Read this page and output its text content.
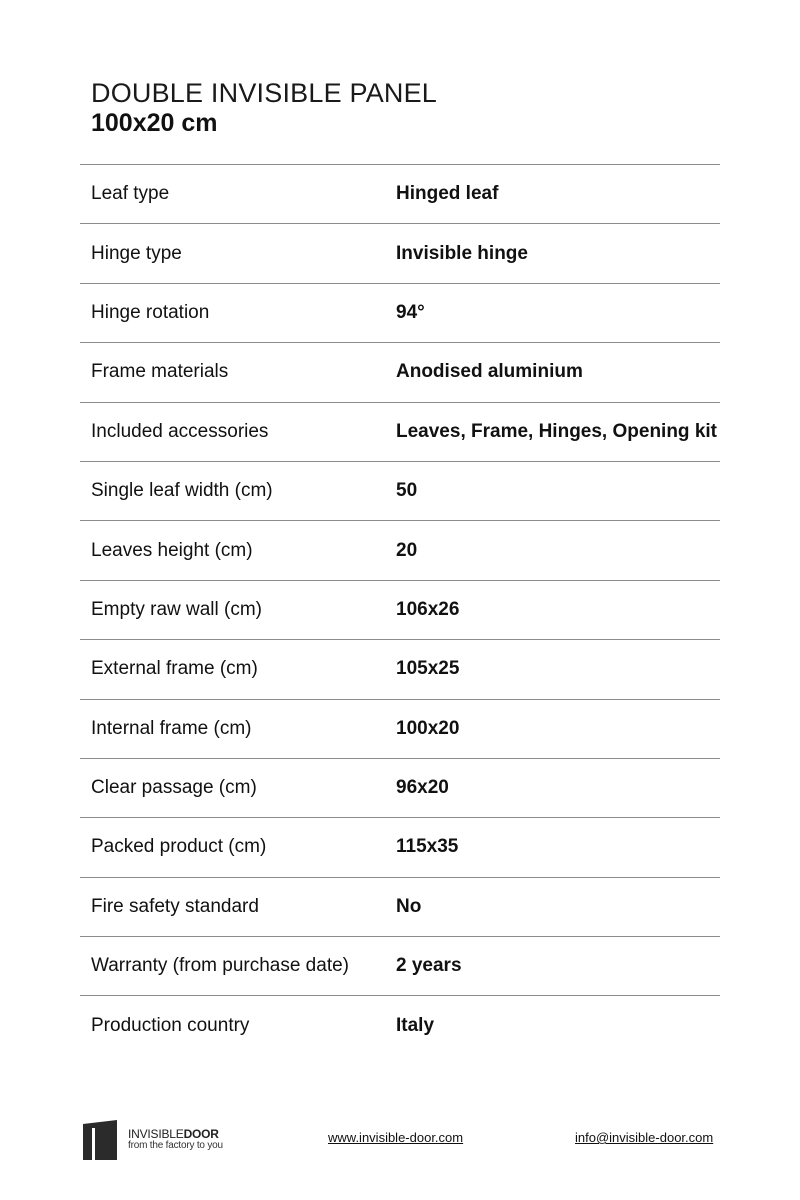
DOUBLE INVISIBLE PANEL
100x20 cm
Leaf type	Hinged leaf
Hinge type	Invisible hinge
Hinge rotation	94°
Frame materials	Anodised aluminium
Included accessories	Leaves, Frame, Hinges, Opening kit
Single leaf width (cm)	50
Leaves height (cm)	20
Empty raw wall (cm)	106x26
External frame (cm)	105x25
Internal frame (cm)	100x20
Clear passage (cm)	96x20
Packed product (cm)	115x35
Fire safety standard	No
Warranty (from purchase date)	2 years
Production country	Italy
INVISIBLEDOOR
from the factory to you
www.invisible-door.com	info@invisible-door.com
